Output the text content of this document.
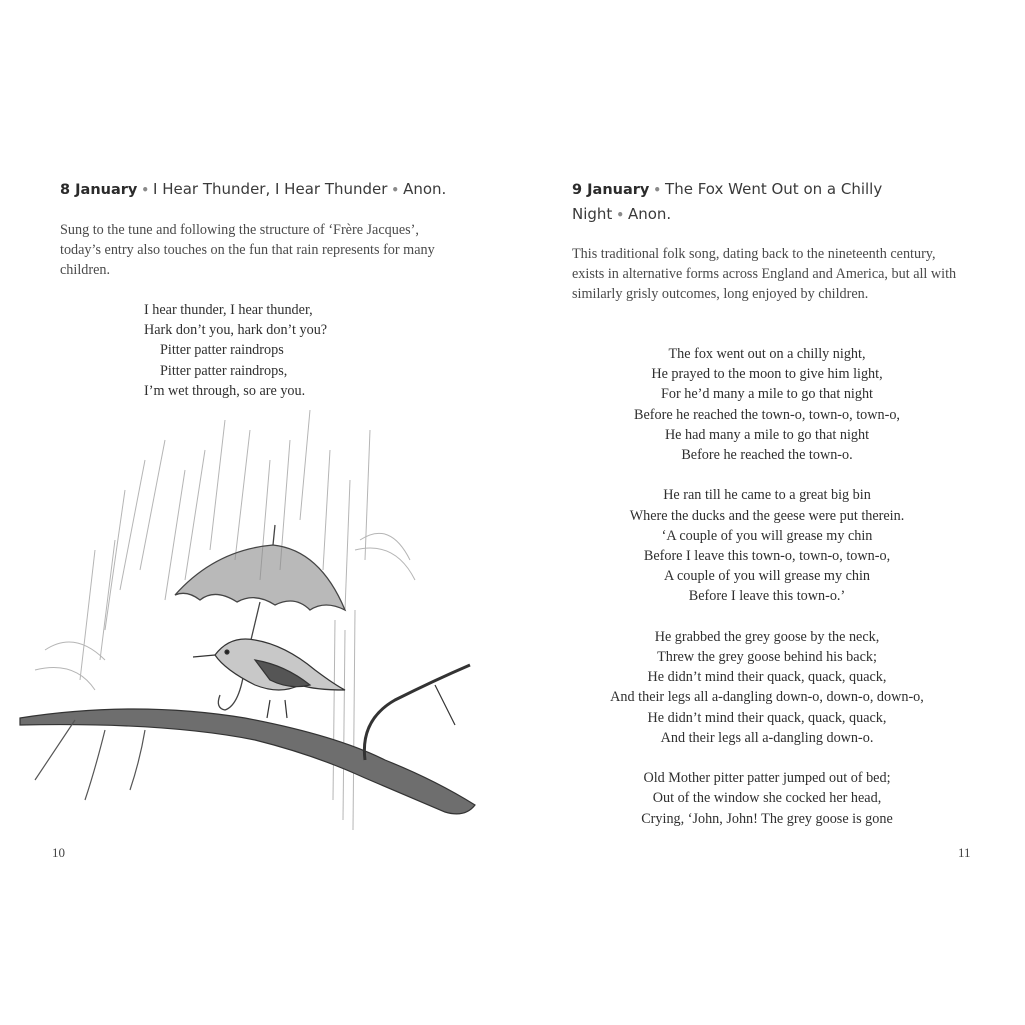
8 January • I Hear Thunder, I Hear Thunder • Anon.

Sung to the tune and following the structure of ‘Frère Jacques’, today’s entry also touches on the fun that rain represents for many children.

I hear thunder, I hear thunder,
Hark don’t you, hark don’t you?
Pitter patter raindrops
Pitter patter raindrops,
I’m wet through, so are you.
10
9 January • The Fox Went Out on a Chilly Night • Anon.

This traditional folk song, dating back to the nineteenth century, exists in alternative forms across England and America, but all with similarly grisly outcomes, long enjoyed by children.

The fox went out on a chilly night,
He prayed to the moon to give him light,
For he’d many a mile to go that night
Before he reached the town-o, town-o, town-o,
He had many a mile to go that night
Before he reached the town-o.
He ran till he came to a great big bin
Where the ducks and the geese were put therein.
‘A couple of you will grease my chin
Before I leave this town-o, town-o, town-o,
A couple of you will grease my chin
Before I leave this town-o.’
He grabbed the grey goose by the neck,
Threw the grey goose behind his back;
He didn’t mind their quack, quack, quack,
And their legs all a-dangling down-o, down-o, down-o,
He didn’t mind their quack, quack, quack,
And their legs all a-dangling down-o.
Old Mother pitter patter jumped out of bed;
Out of the window she cocked her head,
Crying, ‘John, John! The grey goose is gone
11
